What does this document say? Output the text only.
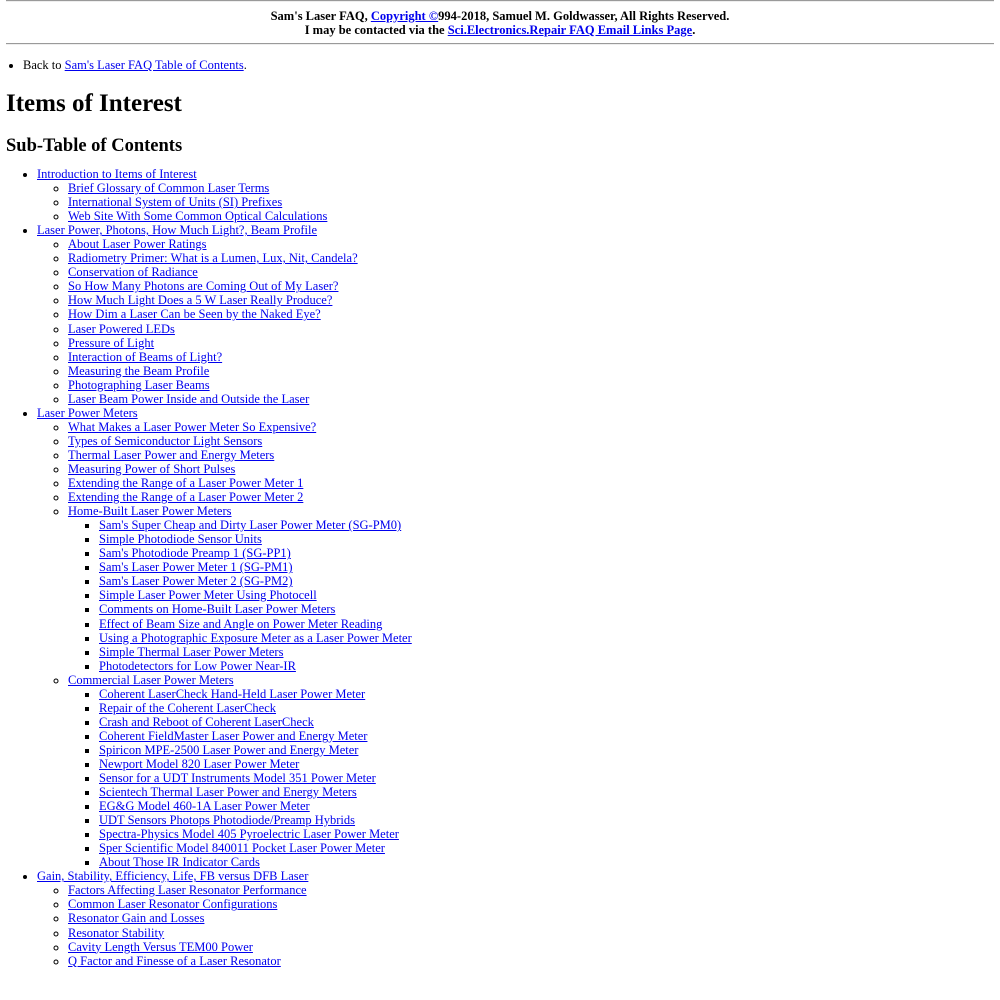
Sam's Laser FAQ, Copyright ©994-2018, Samuel M. Goldwasser, All Rights Reserved.
I may be contacted via the Sci.Electronics.Repair FAQ Email Links Page.
• Back to Sam's Laser FAQ Table of Contents.
Items of Interest
Sub-Table of Contents
• Introduction to Items of Interest
◦ Brief Glossary of Common Laser Terms
◦ International System of Units (SI) Prefixes
◦ Web Site With Some Common Optical Calculations
• Laser Power, Photons, How Much Light?, Beam Profile
◦ About Laser Power Ratings
◦ Radiometry Primer: What is a Lumen, Lux, Nit, Candela?
◦ Conservation of Radiance
◦ So How Many Photons are Coming Out of My Laser?
◦ How Much Light Does a 5 W Laser Really Produce?
◦ How Dim a Laser Can be Seen by the Naked Eye?
◦ Laser Powered LEDs
◦ Pressure of Light
◦ Interaction of Beams of Light?
◦ Measuring the Beam Profile
◦ Photographing Laser Beams
◦ Laser Beam Power Inside and Outside the Laser
• Laser Power Meters
◦ What Makes a Laser Power Meter So Expensive?
◦ Types of Semiconductor Light Sensors
◦ Thermal Laser Power and Energy Meters
◦ Measuring Power of Short Pulses
◦ Extending the Range of a Laser Power Meter 1
◦ Extending the Range of a Laser Power Meter 2
◦ Home-Built Laser Power Meters
▪ Sam's Super Cheap and Dirty Laser Power Meter (SG-PM0)
▪ Simple Photodiode Sensor Units
▪ Sam's Photodiode Preamp 1 (SG-PP1)
▪ Sam's Laser Power Meter 1 (SG-PM1)
▪ Sam's Laser Power Meter 2 (SG-PM2)
▪ Simple Laser Power Meter Using Photocell
▪ Comments on Home-Built Laser Power Meters
▪ Effect of Beam Size and Angle on Power Meter Reading
▪ Using a Photographic Exposure Meter as a Laser Power Meter
▪ Simple Thermal Laser Power Meters
▪ Photodetectors for Low Power Near-IR
◦ Commercial Laser Power Meters
▪ Coherent LaserCheck Hand-Held Laser Power Meter
▪ Repair of the Coherent LaserCheck
▪ Crash and Reboot of Coherent LaserCheck
▪ Coherent FieldMaster Laser Power and Energy Meter
▪ Spiricon MPE-2500 Laser Power and Energy Meter
▪ Newport Model 820 Laser Power Meter
▪ Sensor for a UDT Instruments Model 351 Power Meter
▪ Scientech Thermal Laser Power and Energy Meters
▪ EG&G Model 460-1A Laser Power Meter
▪ UDT Sensors Photops Photodiode/Preamp Hybrids
▪ Spectra-Physics Model 405 Pyroelectric Laser Power Meter
▪ Sper Scientific Model 840011 Pocket Laser Power Meter
▪ About Those IR Indicator Cards
• Gain, Stability, Efficiency, Life, FB versus DFB Laser
◦ Factors Affecting Laser Resonator Performance
◦ Common Laser Resonator Configurations
◦ Resonator Gain and Losses
◦ Resonator Stability
◦ Cavity Length Versus TEM00 Power
◦ Q Factor and Finesse of a Laser Resonator
